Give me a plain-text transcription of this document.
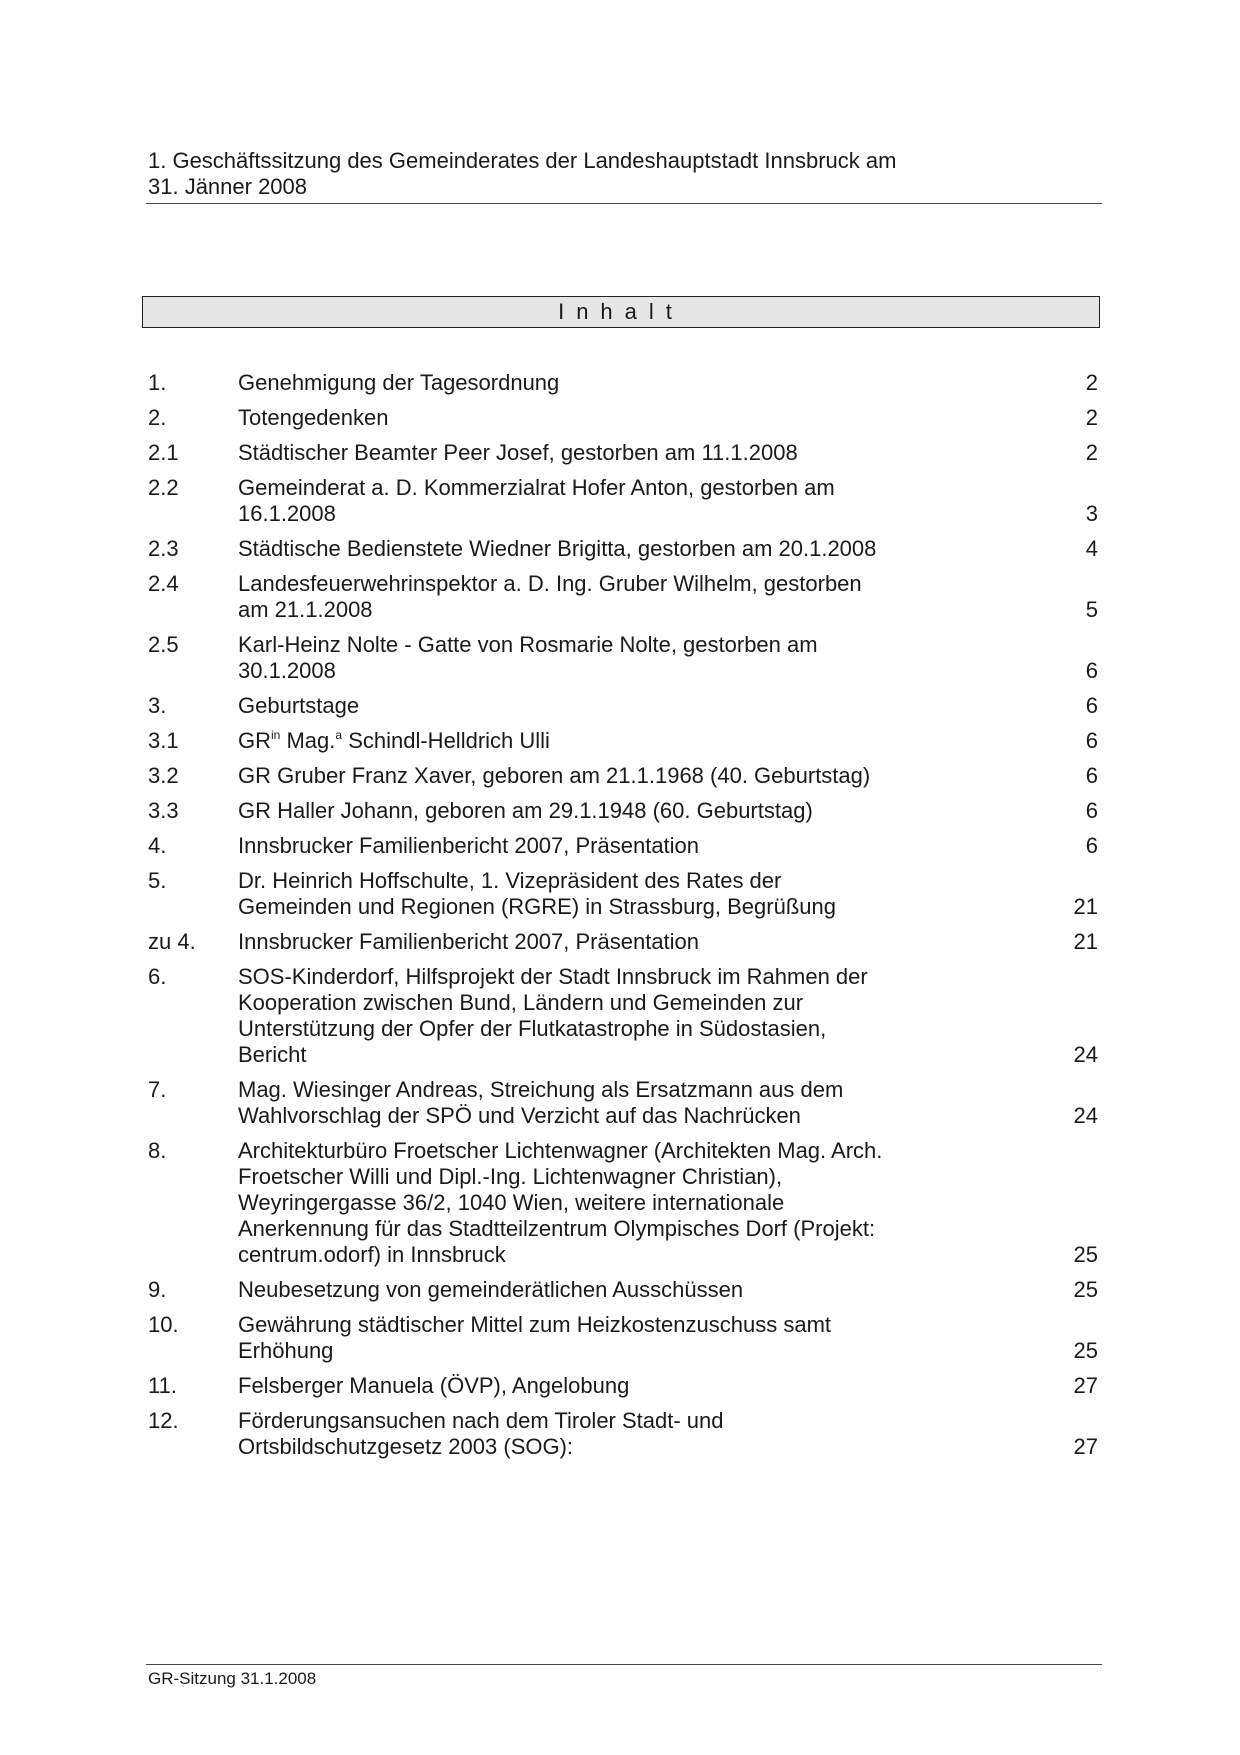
1. Geschäftssitzung des Gemeinderates der Landeshauptstadt Innsbruck am
31. Jänner 2008
Inhalt
1.	Genehmigung der Tagesordnung	2
2.	Totengedenken	2
2.1	Städtischer Beamter Peer Josef, gestorben am 11.1.2008	2
2.2	Gemeinderat a. D. Kommerzialrat Hofer Anton, gestorben am
16.1.2008	3
2.3	Städtische Bedienstete Wiedner Brigitta, gestorben am 20.1.2008	4
2.4	Landesfeuerwehrinspektor a. D. Ing. Gruber Wilhelm, gestorben
am 21.1.2008	5
2.5	Karl-Heinz Nolte - Gatte von Rosmarie Nolte, gestorben am
30.1.2008	6
3.	Geburtstage	6
3.1	$GR^{in}$ Mag.$^a$ Schindl-Helldrich Ulli	6
3.2	GR Gruber Franz Xaver, geboren am 21.1.1968 (40. Geburtstag)	6
3.3	GR Haller Johann, geboren am 29.1.1948 (60. Geburtstag)	6
4.	Innsbrucker Familienbericht 2007, Präsentation	6
5.	Dr. Heinrich Hoffschulte, 1. Vizepräsident des Rates der
Gemeinden und Regionen (RGRE) in Strassburg, Begrüßung	21
zu 4.	Innsbrucker Familienbericht 2007, Präsentation	21
6.	SOS-Kinderdorf, Hilfsprojekt der Stadt Innsbruck im Rahmen der
Kooperation zwischen Bund, Ländern und Gemeinden zur
Unterstützung der Opfer der Flutkatastrophe in Südostasien,
Bericht	24
7.	Mag. Wiesinger Andreas, Streichung als Ersatzmann aus dem
Wahlvorschlag der SPÖ und Verzicht auf das Nachrücken	24
8.	Architekturbüro Froetscher Lichtenwagner (Architekten Mag. Arch.
Froetscher Willi und Dipl.-Ing. Lichtenwagner Christian),
Weyringergasse 36/2, 1040 Wien, weitere internationale
Anerkennung für das Stadtteilzentrum Olympisches Dorf (Projekt:
centrum.odorf) in Innsbruck	25
9.	Neubesetzung von gemeinderätlichen Ausschüssen	25
10.	Gewährung städtischer Mittel zum Heizkostenzuschuss samt
Erhöhung	25
11.	Felsberger Manuela (ÖVP), Angelobung	27
12.	Förderungsansuchen nach dem Tiroler Stadt- und
Ortsbildschutzgesetz 2003 (SOG):	27
GR-Sitzung 31.1.2008
